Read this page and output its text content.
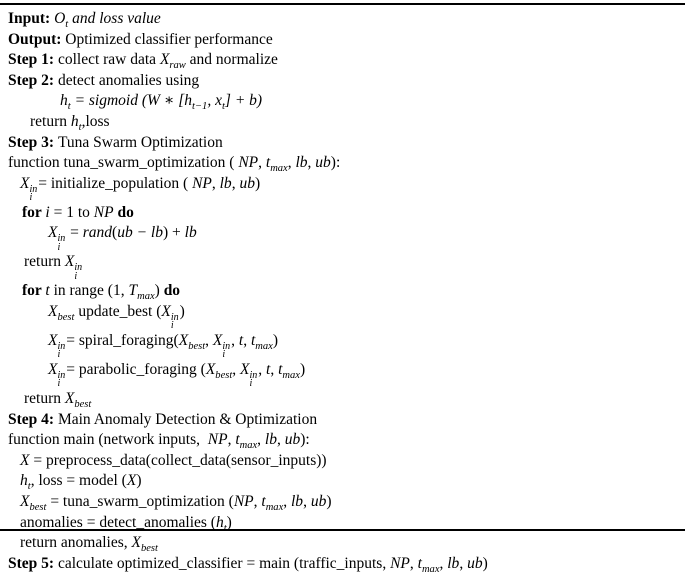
Input: $O_t$ and loss value
Output: Optimized classifier performance
Step 1: collect raw data $X_{raw}$ and normalize
Step 2: detect anomalies using
$h_t$ = sigmoid (W ∗ [$h_{t-1}$, $x_t] + b$)
return $h_t,loss$
Step 3: Tuna Swarm Optimization
function tuna_swarm_optimization ( NP, $t_{max}$, lb, ub):
X in
i
= initialize_population ( NP, lb, ub)
for i = 1 to NP do
X in
i
= rand(ub − lb) + lb
return X in
i
for t in range (1, $T_{max}$) do
$X_{best}$ update_best (X in
i
)
X in
i
= $spiral\_foraging(X_{best}$, X in
i
, t, $t_{max}$)
X in
i
= parabolic_foraging ($X_{best}$, X in
i
, t, $t_{max}$)
return $X_{best}$
Step 4: Main Anomaly Detection & Optimization
function main (network inputs,  NP, $t_{max}$, lb, ub):
X = preprocess_data(collect_data(sensor_inputs))
$h_t$, loss = model (X)
$X_{best}$ = tuna_swarm_optimization (NP, $t_{max}$, lb, ub)
anomalies = detect_anomalies $(h_t)$
return anomalies, $X_{best}$
Step 5: calculate optimized_classifier = main (traffic_inputs, NP, $t_{max}$, lb, ub)
